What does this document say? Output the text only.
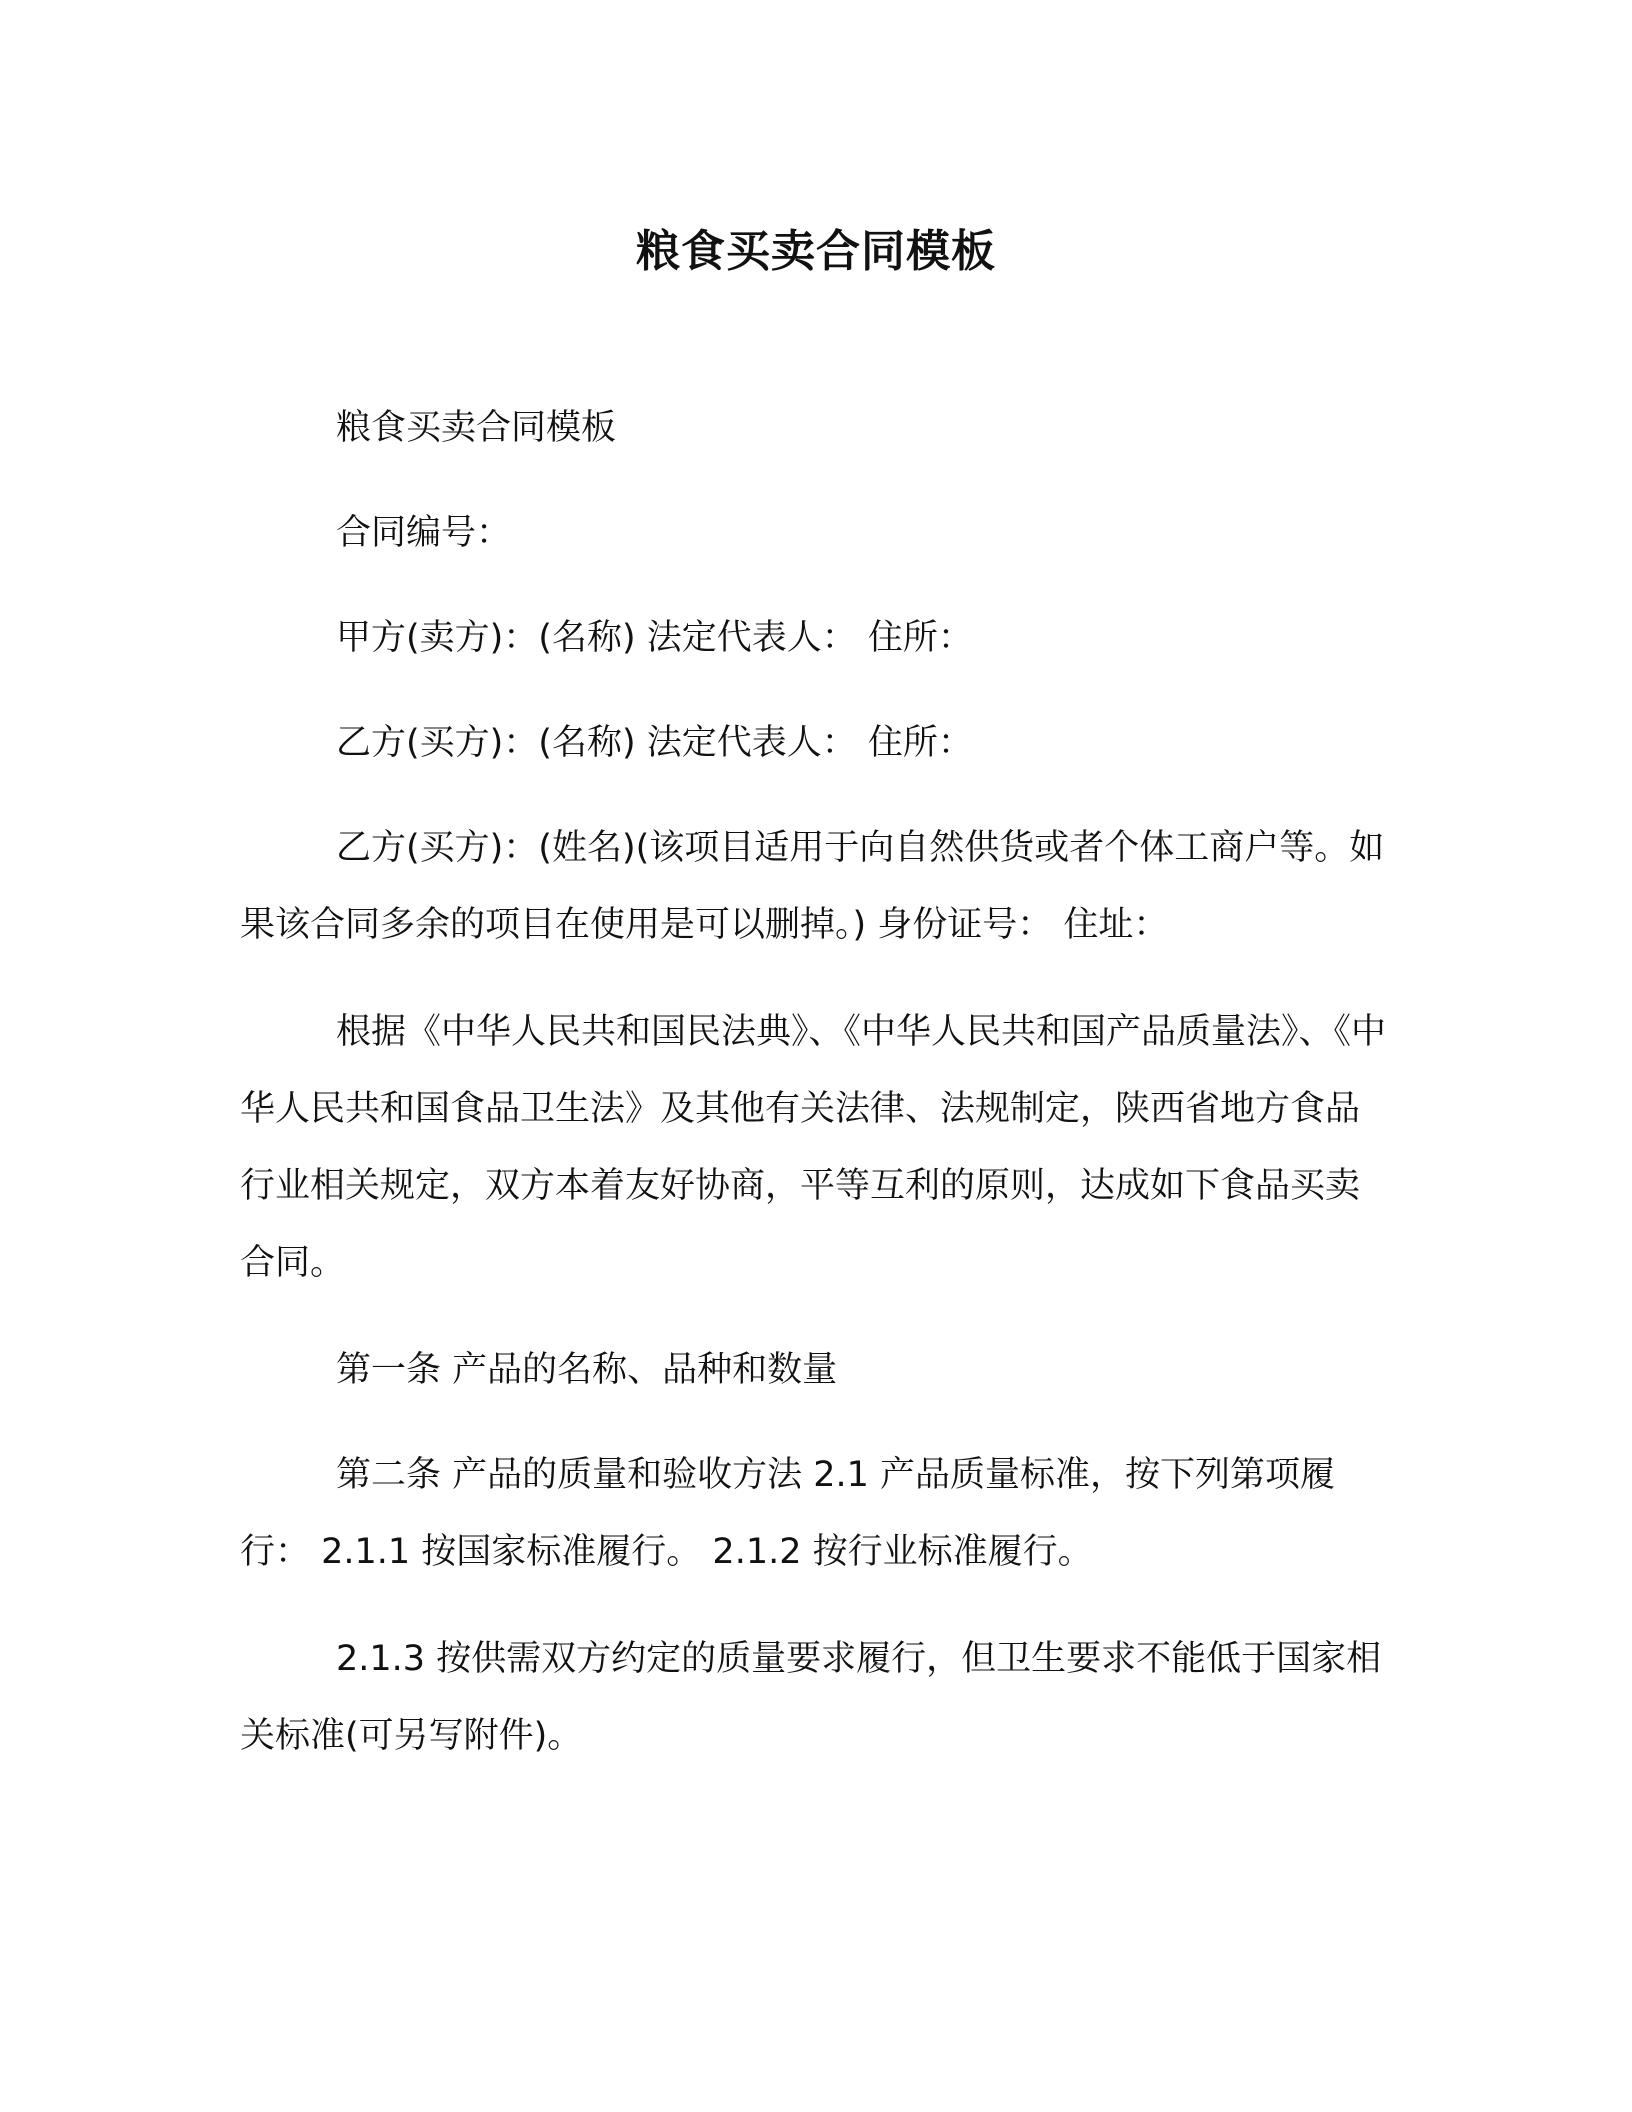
粮食买卖合同模板

粮食买卖合同模板

合同编号：

甲方(卖方)：(名称) 法定代表人： 住所：

乙方(买方)：(名称) 法定代表人： 住所：

乙方(买方)：(姓名)(该项目适用于向自然供货或者个体工商户等。如果该合同多余的项目在使用是可以删掉。) 身份证号： 住址：

根据《中华人民共和国民法典》、《中华人民共和国产品质量法》、《中华人民共和国食品卫生法》及其他有关法律、法规制定，陕西省地方食品行业相关规定，双方本着友好协商，平等互利的原则，达成如下食品买卖合同。

第一条 产品的名称、品种和数量

第二条 产品的质量和验收方法 2.1 产品质量标准，按下列第项履行： 2.1.1 按国家标准履行。 2.1.2 按行业标准履行。

2.1.3 按供需双方约定的质量要求履行，但卫生要求不能低于国家相关标准(可另写附件)。
